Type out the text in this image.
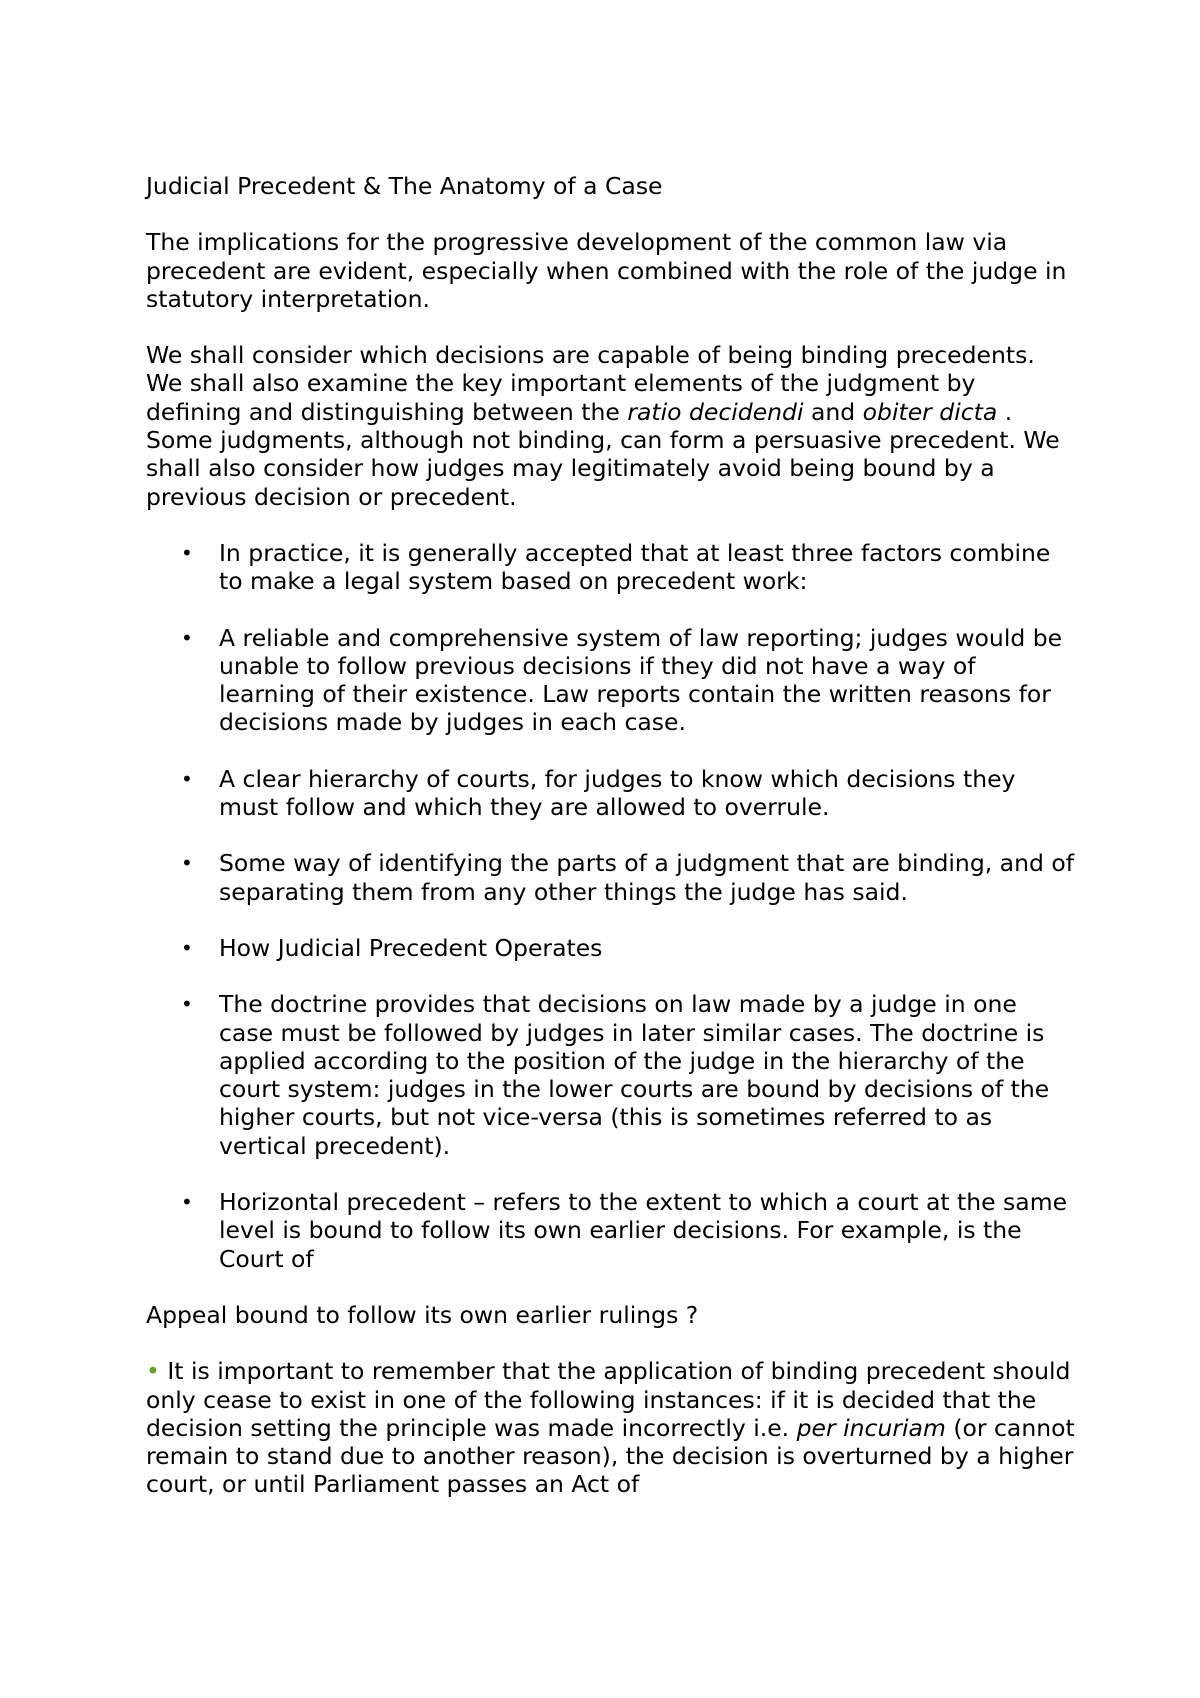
Judicial Precedent & The Anatomy of a Case

The implications for the progressive development of the common law via precedent are evident, especially when combined with the role of the judge in statutory interpretation.

We shall consider which decisions are capable of being binding precedents. We shall also examine the key important elements of the judgment by defining and distinguishing between the ratio decidendi and obiter dicta . Some judgments, although not binding, can form a persuasive precedent. We shall also consider how judges may legitimately avoid being bound by a previous decision or precedent.

• In practice, it is generally accepted that at least three factors combine to make a legal system based on precedent work:
• A reliable and comprehensive system of law reporting; judges would be unable to follow previous decisions if they did not have a way of learning of their existence. Law reports contain the written reasons for decisions made by judges in each case.
• A clear hierarchy of courts, for judges to know which decisions they must follow and which they are allowed to overrule.
• Some way of identifying the parts of a judgment that are binding, and of separating them from any other things the judge has said.
• How Judicial Precedent Operates
• The doctrine provides that decisions on law made by a judge in one case must be followed by judges in later similar cases. The doctrine is applied according to the position of the judge in the hierarchy of the court system: judges in the lower courts are bound by decisions of the higher courts, but not vice-versa (this is sometimes referred to as vertical precedent).
• Horizontal precedent – refers to the extent to which a court at the same level is bound to follow its own earlier decisions. For example, is the Court of

Appeal bound to follow its own earlier rulings ?

• It is important to remember that the application of binding precedent should only cease to exist in one of the following instances: if it is decided that the decision setting the principle was made incorrectly i.e. per incuriam (or cannot remain to stand due to another reason), the decision is overturned by a higher court, or until Parliament passes an Act of
